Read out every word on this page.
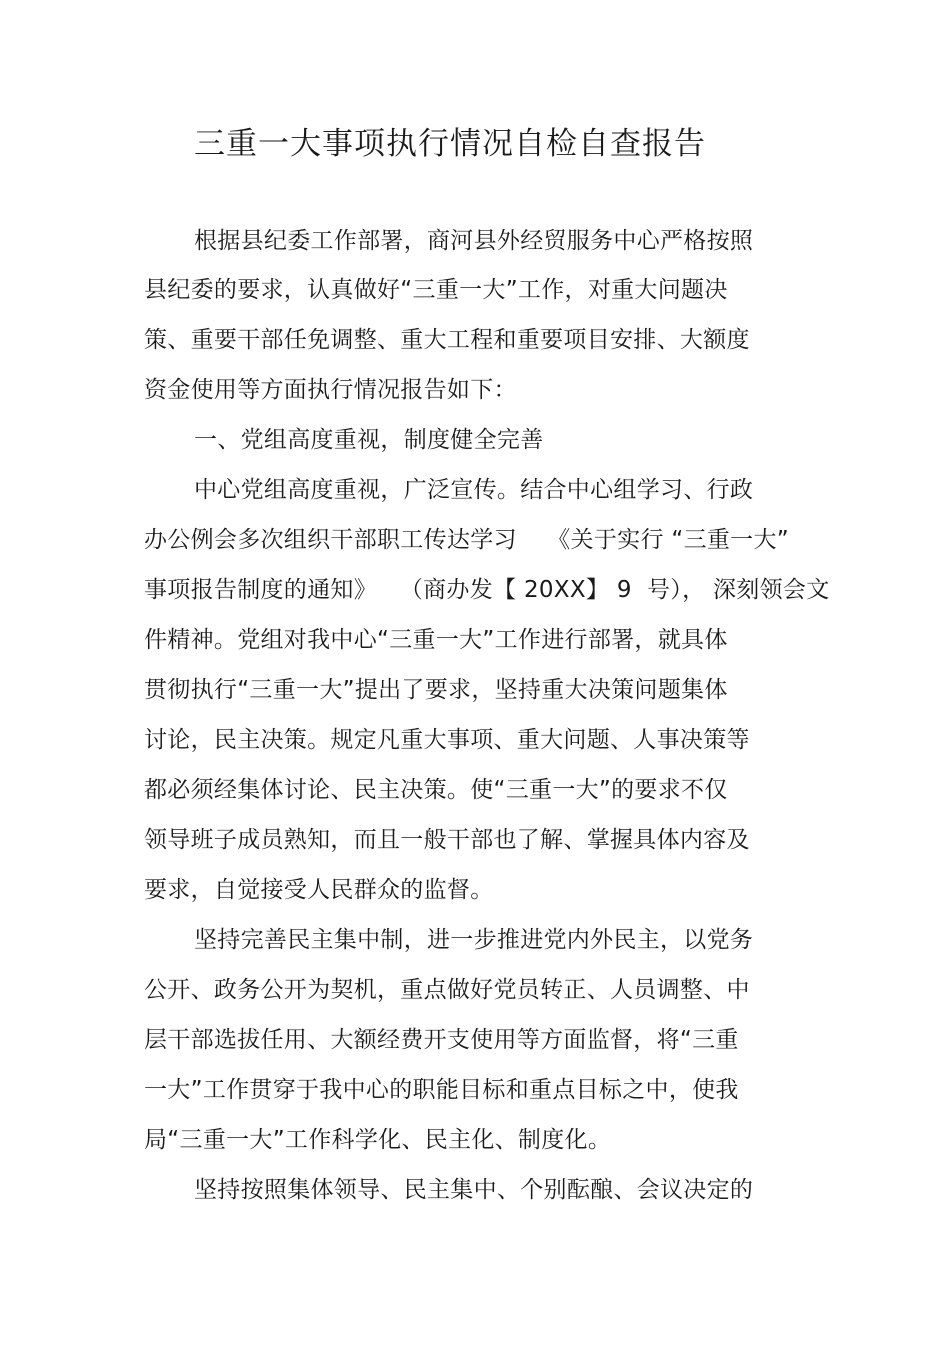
三重一大事项执行情况自检自查报告
根据县纪委工作部署，商河县外经贸服务中心严格按照
县纪委的要求，认真做好“三重一大”工作，对重大问题决
策、重要干部任免调整、重大工程和重要项目安排、大额度
资金使用等方面执行情况报告如下：
一、党组高度重视，制度健全完善
中心党组高度重视，广泛宣传。结合中心组学习、行政
办公例会多次组织干部职工传达学习    《关于实行 “三重一大”
事项报告制度的通知》   （商办发【 20XX】 9  号）， 深刻领会文
件精神。党组对我中心“三重一大”工作进行部署，就具体
贯彻执行“三重一大”提出了要求，坚持重大决策问题集体
讨论，民主决策。规定凡重大事项、重大问题、人事决策等
都必须经集体讨论、民主决策。使“三重一大”的要求不仅
领导班子成员熟知，而且一般干部也了解、掌握具体内容及
要求，自觉接受人民群众的监督。
坚持完善民主集中制，进一步推进党内外民主，以党务
公开、政务公开为契机，重点做好党员转正、人员调整、中
层干部选拔任用、大额经费开支使用等方面监督，将“三重
一大”工作贯穿于我中心的职能目标和重点目标之中，使我
局“三重一大”工作科学化、民主化、制度化。
坚持按照集体领导、民主集中、个别酝酿、会议决定的
